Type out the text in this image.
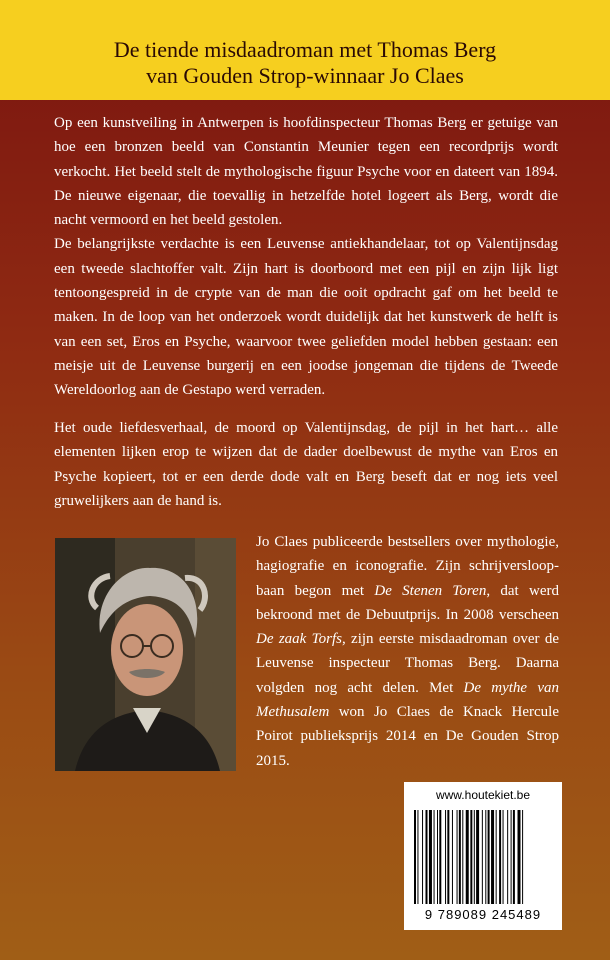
De tiende misdaadroman met Thomas Berg
van Gouden Strop-winnaar Jo Claes
Op een kunstveiling in Antwerpen is hoofdinspecteur Thomas Berg er getuige van hoe een bronzen beeld van Constantin Meunier tegen een recordprijs wordt verkocht. Het beeld stelt de mythologische figuur Psyche voor en dateert van 1894. De nieuwe eigenaar, die toevallig in hetzelfde hotel logeert als Berg, wordt die nacht vermoord en het beeld gestolen.
De belangrijkste verdachte is een Leuvense antiekhandelaar, tot op Valentijnsdag een tweede slachtoffer valt. Zijn hart is doorboord met een pijl en zijn lijk ligt tentoongespreid in de crypte van de man die ooit opdracht gaf om het beeld te maken. In de loop van het onderzoek wordt duidelijk dat het kunstwerk de helft is van een set, Eros en Psyche, waarvoor twee geliefden model hebben gestaan: een meisje uit de Leuvense burgerij en een joodse jongeman die tijdens de Tweede Wereldoorlog aan de Gestapo werd verraden.
Het oude liefdesverhaal, de moord op Valentijnsdag, de pijl in het hart… alle elementen lijken erop te wijzen dat de dader doelbewust de mythe van Eros en Psyche kopieert, tot er een derde dode valt en Berg beseft dat er nog iets veel gruwelijkers aan de hand is.
Jo Claes publiceerde bestsellers over mythologie, hagiografie en iconografie. Zijn schrijversloop-baan begon met De Stenen Toren, dat werd bekroond met de Debuutprijs. In 2008 verscheen De zaak Torfs, zijn eerste misdaadroman over de Leuvense inspecteur Thomas Berg. Daarna volgden nog acht delen. Met De mythe van Methusalem won Jo Claes de Knack Hercule Poirot publieksprijs 2014 en De Gouden Strop 2015.
www.houtekiet.be
9 789089 245489
